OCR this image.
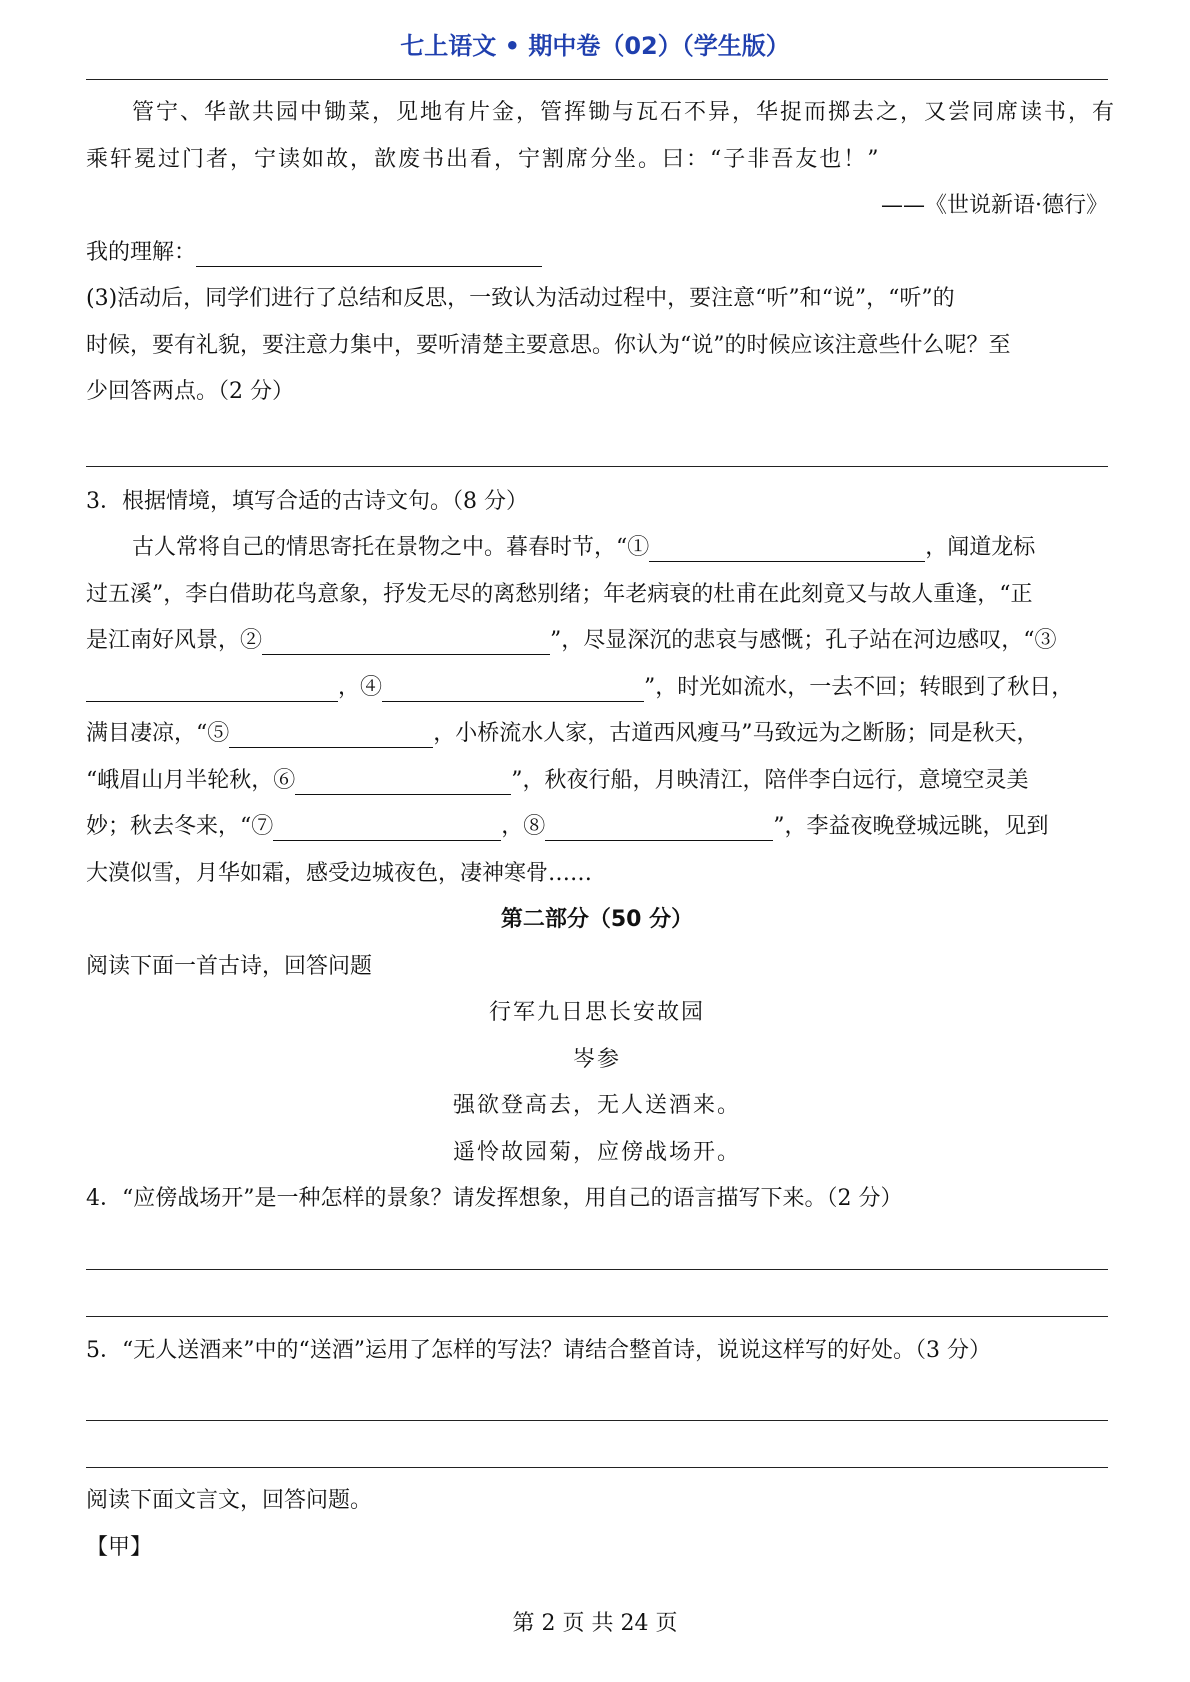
七上语文 • 期中卷（02）（学生版）
管宁、华歆共园中锄菜，见地有片金，管挥锄与瓦石不异，华捉而掷去之，又尝同席读书，有
乘轩冕过门者，宁读如故，歆废书出看，宁割席分坐。曰：“子非吾友也！”
——《世说新语·德行》
我的理解：
(3)活动后，同学们进行了总结和反思，一致认为活动过程中，要注意“听”和“说”，“听”的
时候，要有礼貌，要注意力集中，要听清楚主要意思。你认为“说”的时候应该注意些什么呢？至
少回答两点。（2 分）
3．根据情境，填写合适的古诗文句。（8 分）
古人常将自己的情思寄托在景物之中。暮春时节，“①	，闻道龙标
过五溪”，李白借助花鸟意象，抒发无尽的离愁别绪；年老病衰的杜甫在此刻竟又与故人重逢，“正
是江南好风景，②	”，尽显深沉的悲哀与感慨；孔子站在河边感叹，“③
，④	”，时光如流水，一去不回；转眼到了秋日，
满目凄凉，“⑤	，小桥流水人家，古道西风瘦马”马致远为之断肠；同是秋天，
“峨眉山月半轮秋，⑥	”，秋夜行船，月映清江，陪伴李白远行，意境空灵美
妙；秋去冬来，“⑦	，⑧	”，李益夜晚登城远眺，见到
大漠似雪，月华如霜，感受边城夜色，凄神寒骨……
第二部分（50 分）
阅读下面一首古诗，回答问题
行军九日思长安故园
岑参
强欲登高去，无人送酒来。
遥怜故园菊，应傍战场开。
4．“应傍战场开”是一种怎样的景象？请发挥想象，用自己的语言描写下来。（2 分）
5．“无人送酒来”中的“送酒”运用了怎样的写法？请结合整首诗，说说这样写的好处。（3 分）
阅读下面文言文，回答问题。
【甲】
第 2 页 共 24 页
